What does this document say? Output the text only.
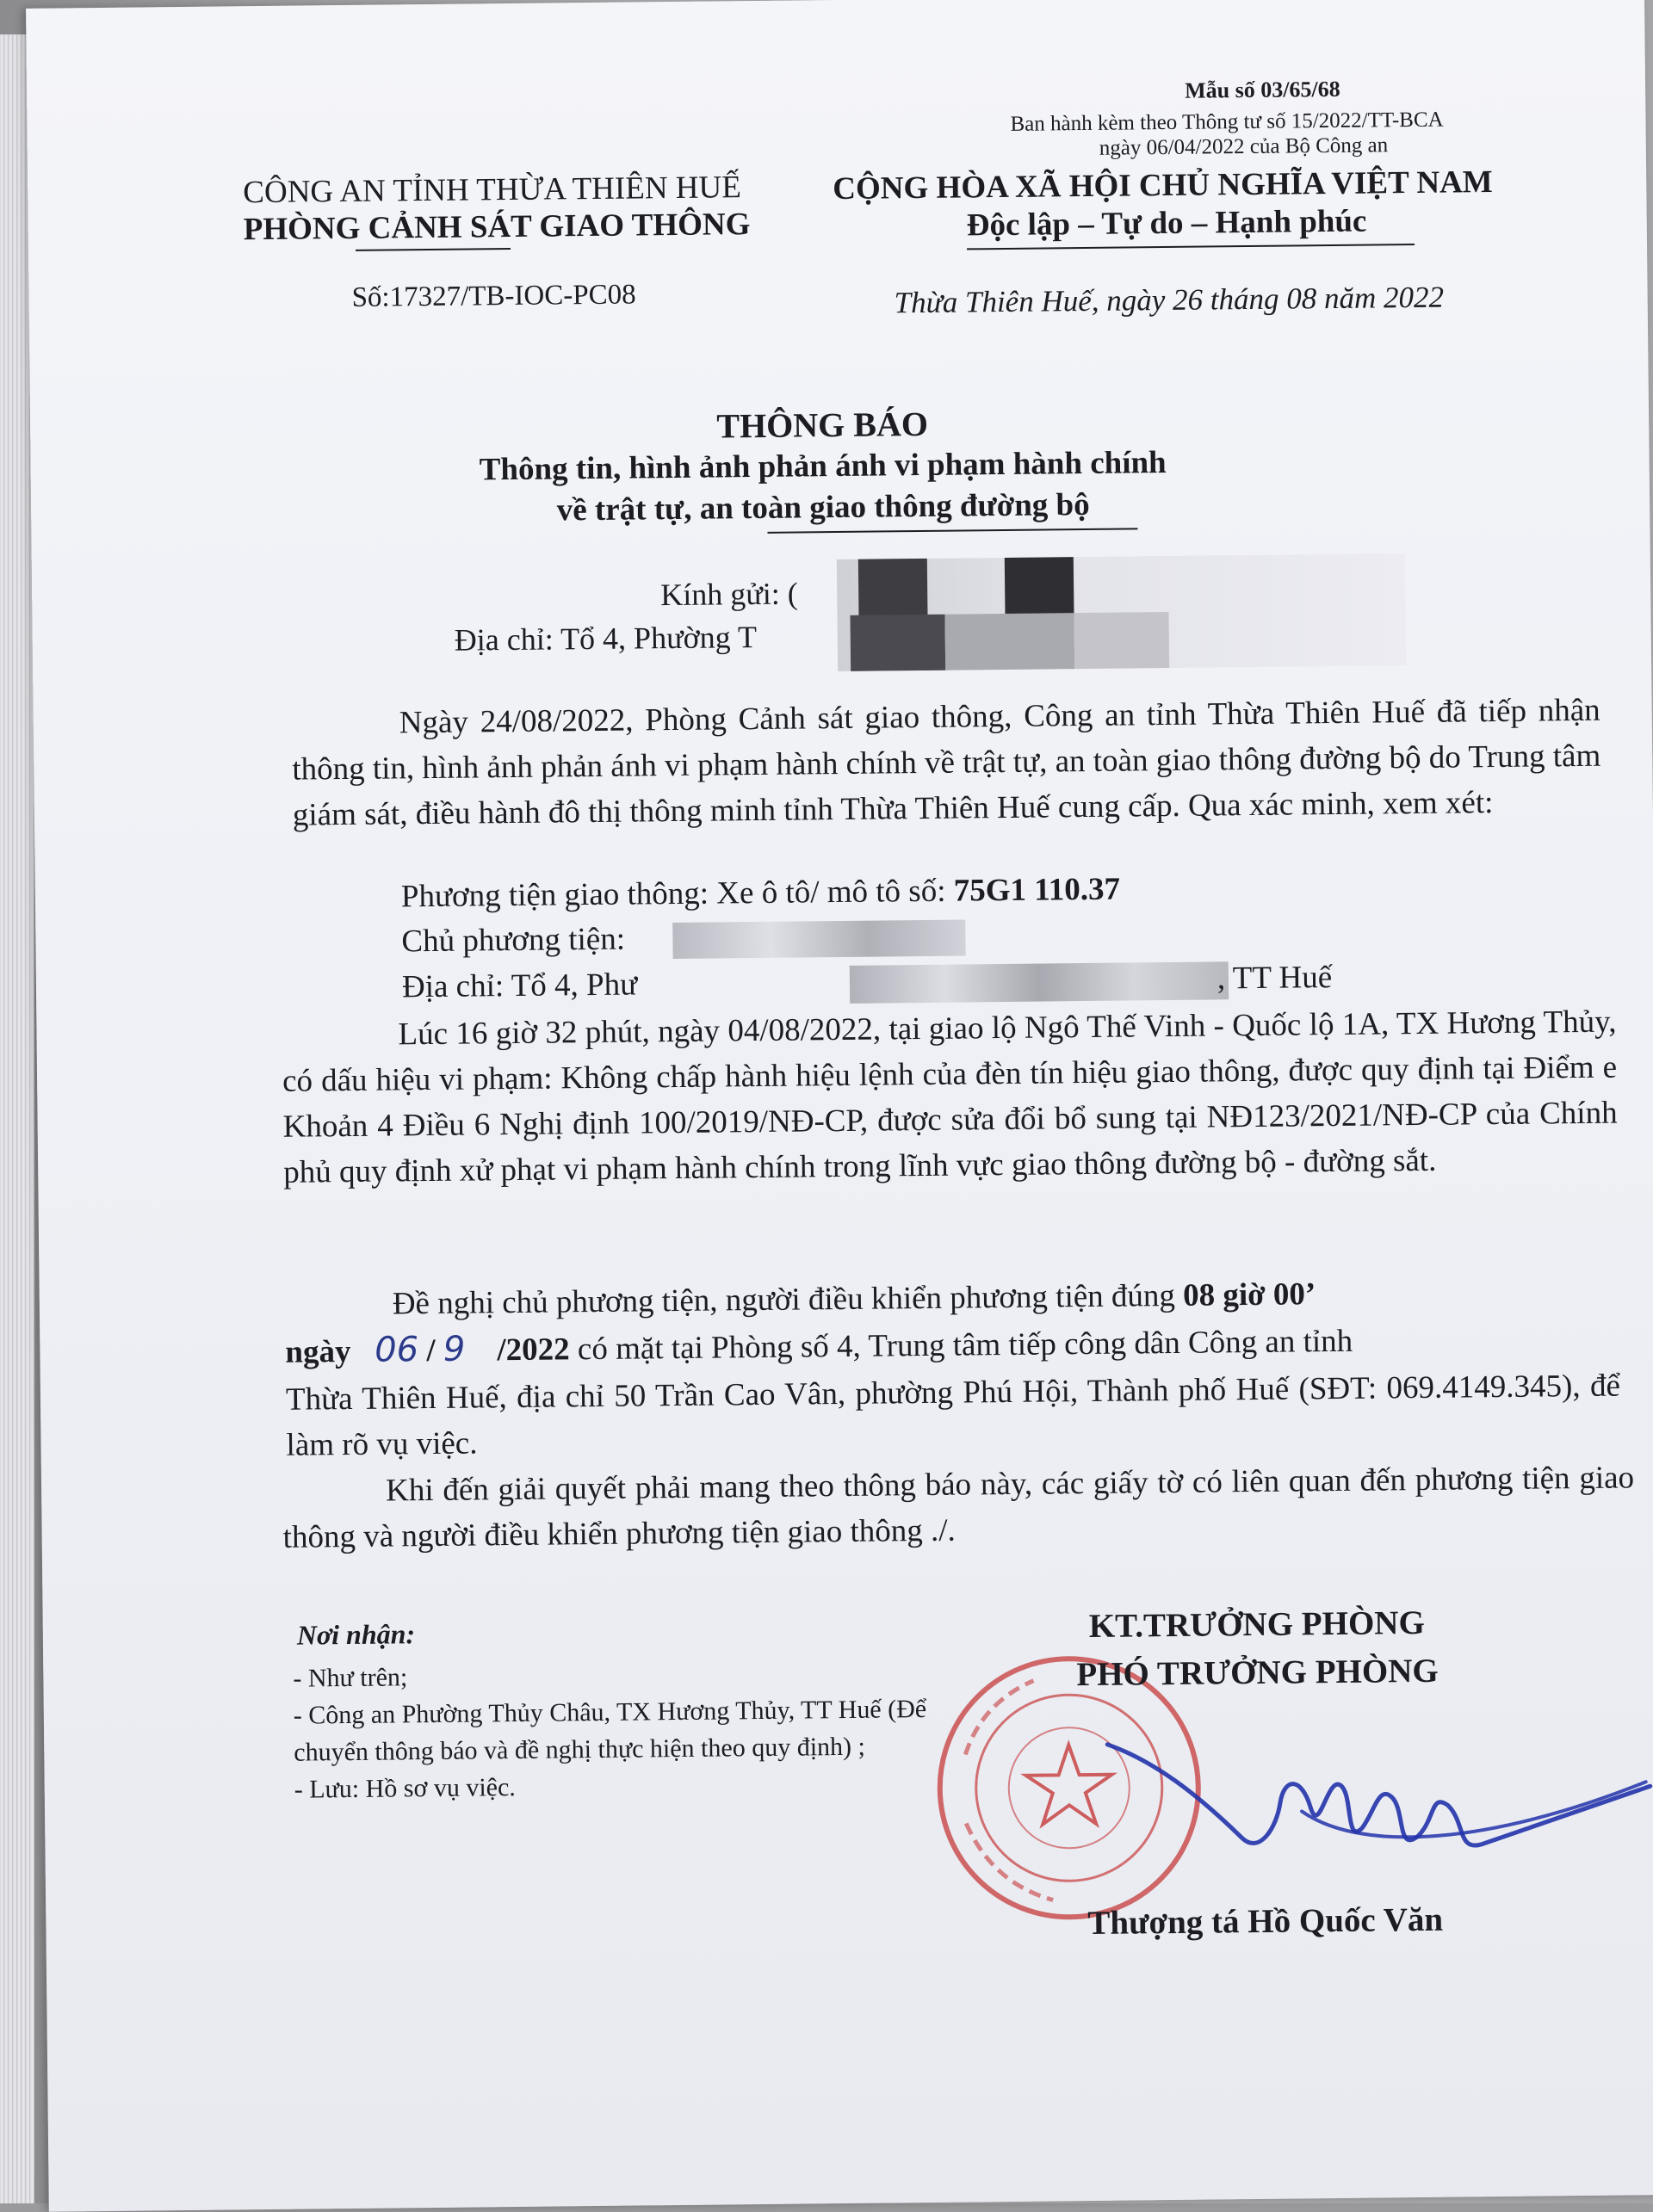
Mẫu số 03/65/68
Ban hành kèm theo Thông tư số 15/2022/TT-BCA
ngày 06/04/2022 của Bộ Công an
CÔNG AN TỈNH THỪA THIÊN HUẾ
PHÒNG CẢNH SÁT GIAO THÔNG
CỘNG HÒA XÃ HỘI CHỦ NGHĨA VIỆT NAM
Độc lập – Tự do – Hạnh phúc
Số:17327/TB-IOC-PC08	Thừa Thiên Huế, ngày 26 tháng 08 năm 2022
THÔNG BÁO
Thông tin, hình ảnh phản ánh vi phạm hành chính
về trật tự, an toàn giao thông đường bộ
Kính gửi: (
Địa chỉ: Tổ 4, Phường T
Ngày 24/08/2022, Phòng Cảnh sát giao thông, Công an tỉnh Thừa Thiên Huế đã tiếp nhận thông tin, hình ảnh phản ánh vi phạm hành chính về trật tự, an toàn giao thông đường bộ do Trung tâm giám sát, điều hành đô thị thông minh tỉnh Thừa Thiên Huế cung cấp. Qua xác minh, xem xét:
Phương tiện giao thông: Xe ô tô/ mô tô số: 75G1 110.37
Chủ phương tiện:
Địa chỉ: Tổ 4, Phư	, TT Huế
Lúc 16 giờ 32 phút, ngày 04/08/2022, tại giao lộ Ngô Thế Vinh - Quốc lộ 1A, TX Hương Thủy, có dấu hiệu vi phạm: Không chấp hành hiệu lệnh của đèn tín hiệu giao thông, được quy định tại Điểm e Khoản 4 Điều 6 Nghị định 100/2019/NĐ-CP, được sửa đổi bổ sung tại NĐ123/2021/NĐ-CP của Chính phủ quy định xử phạt vi phạm hành chính trong lĩnh vực giao thông đường bộ - đường sắt.
Đề nghị chủ phương tiện, người điều khiển phương tiện đúng 08 giờ 00’
ngày 06 / 9 /2022 có mặt tại Phòng số 4, Trung tâm tiếp công dân Công an tỉnh
Thừa Thiên Huế, địa chỉ 50 Trần Cao Vân, phường Phú Hội, Thành phố Huế (SĐT: 069.4149.345), để làm rõ vụ việc.
Khi đến giải quyết phải mang theo thông báo này, các giấy tờ có liên quan đến phương tiện giao thông và người điều khiển phương tiện giao thông ./.
Nơi nhận:
- Như trên;
- Công an Phường Thủy Châu, TX Hương Thủy, TT Huế (Để chuyển thông báo và đề nghị thực hiện theo quy định) ;
- Lưu: Hồ sơ vụ việc.
KT.TRƯỞNG PHÒNG
PHÓ TRƯỞNG PHÒNG
Thượng tá Hồ Quốc Văn
